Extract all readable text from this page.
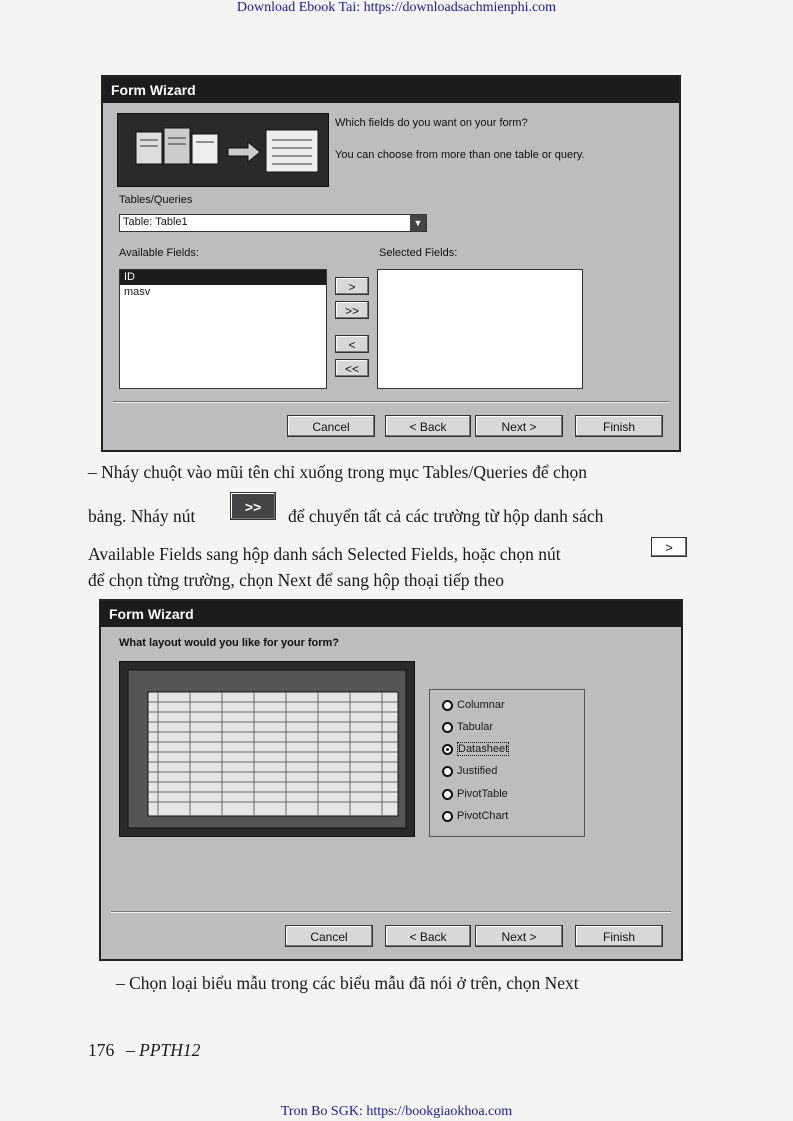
Download Ebook Tai: https://downloadsachmienphi.com
Form Wizard
Which fields do you want on your form?
You can choose from more than one table or query.
Tables/Queries
Table: Table1	▼
Available Fields:	Selected Fields:
ID
masv	>
>>
<
<<
Cancel	< Back	Next >	Finish
– Nháy chuột vào mũi tên chỉ xuống trong mục Tables/Queries để chọn
bảng. Nháy nút	>>	để chuyển tất cả các trường từ hộp danh sách
Available Fields sang hộp danh sách Selected Fields, hoặc chọn nút	>
để chọn từng trường, chọn Next để sang hộp thoại tiếp theo
Form Wizard
What layout would you like for your form?
Columnar
Tabular
Datasheet
Justified
PivotTable
PivotChart
Cancel	< Back	Next >	Finish
– Chọn loại biểu mẫu trong các biểu mẫu đã nói ở trên, chọn Next
176 – PPTH12
Tron Bo SGK: https://bookgiaokhoa.com
